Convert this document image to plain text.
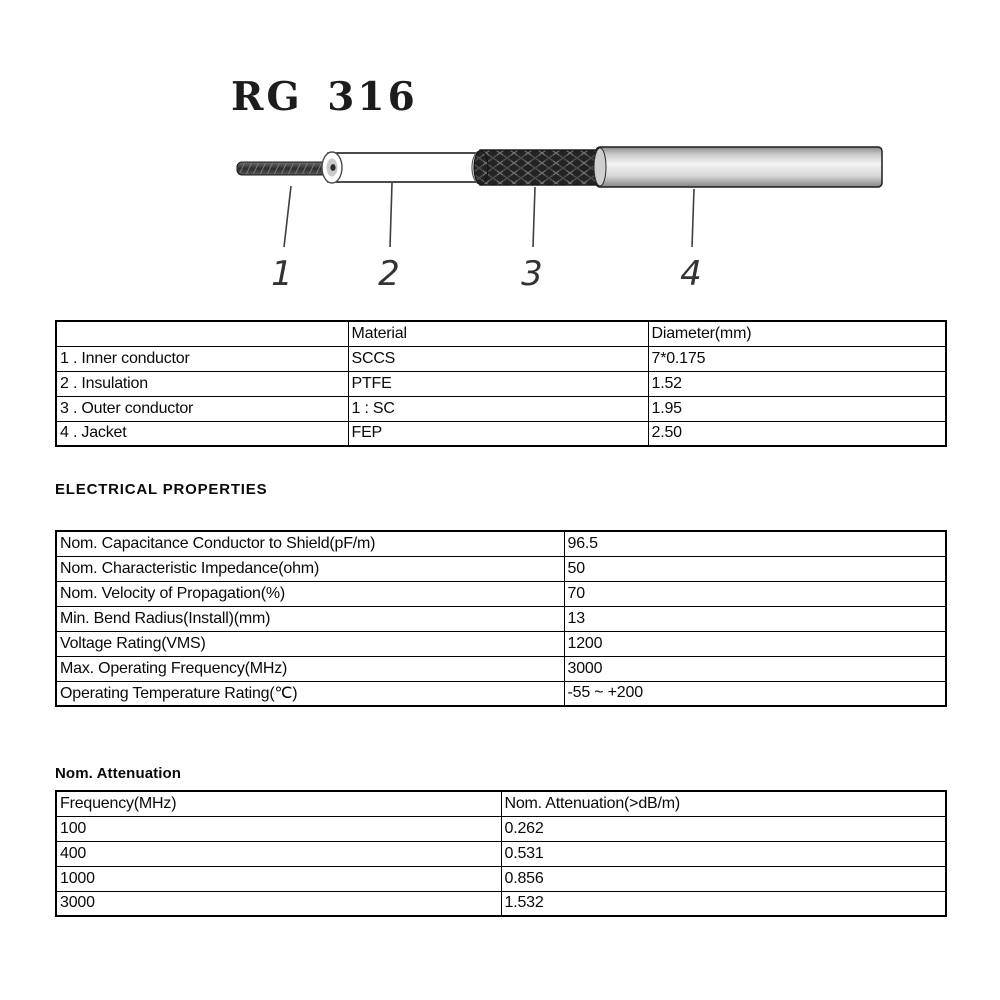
RG 316
1	2	3	4
	Material	Diameter(mm)
1 . Inner conductor	SCCS	7*0.175
2 . Insulation	PTFE	1.52
3 . Outer conductor	1 : SC	1.95
4 . Jacket	FEP	2.50
ELECTRICAL PROPERTIES
Nom. Capacitance Conductor to Shield(pF/m)	96.5
Nom. Characteristic Impedance(ohm)	50
Nom. Velocity of Propagation(%)	70
Min. Bend Radius(Install)(mm)	13
Voltage Rating(VMS)	1200
Max. Operating Frequency(MHz)	3000
Operating Temperature Rating(℃)	-55 ~ +200
Nom. Attenuation
Frequency(MHz)	Nom. Attenuation(>dB/m)
100	0.262
400	0.531
1000	0.856
3000	1.532
